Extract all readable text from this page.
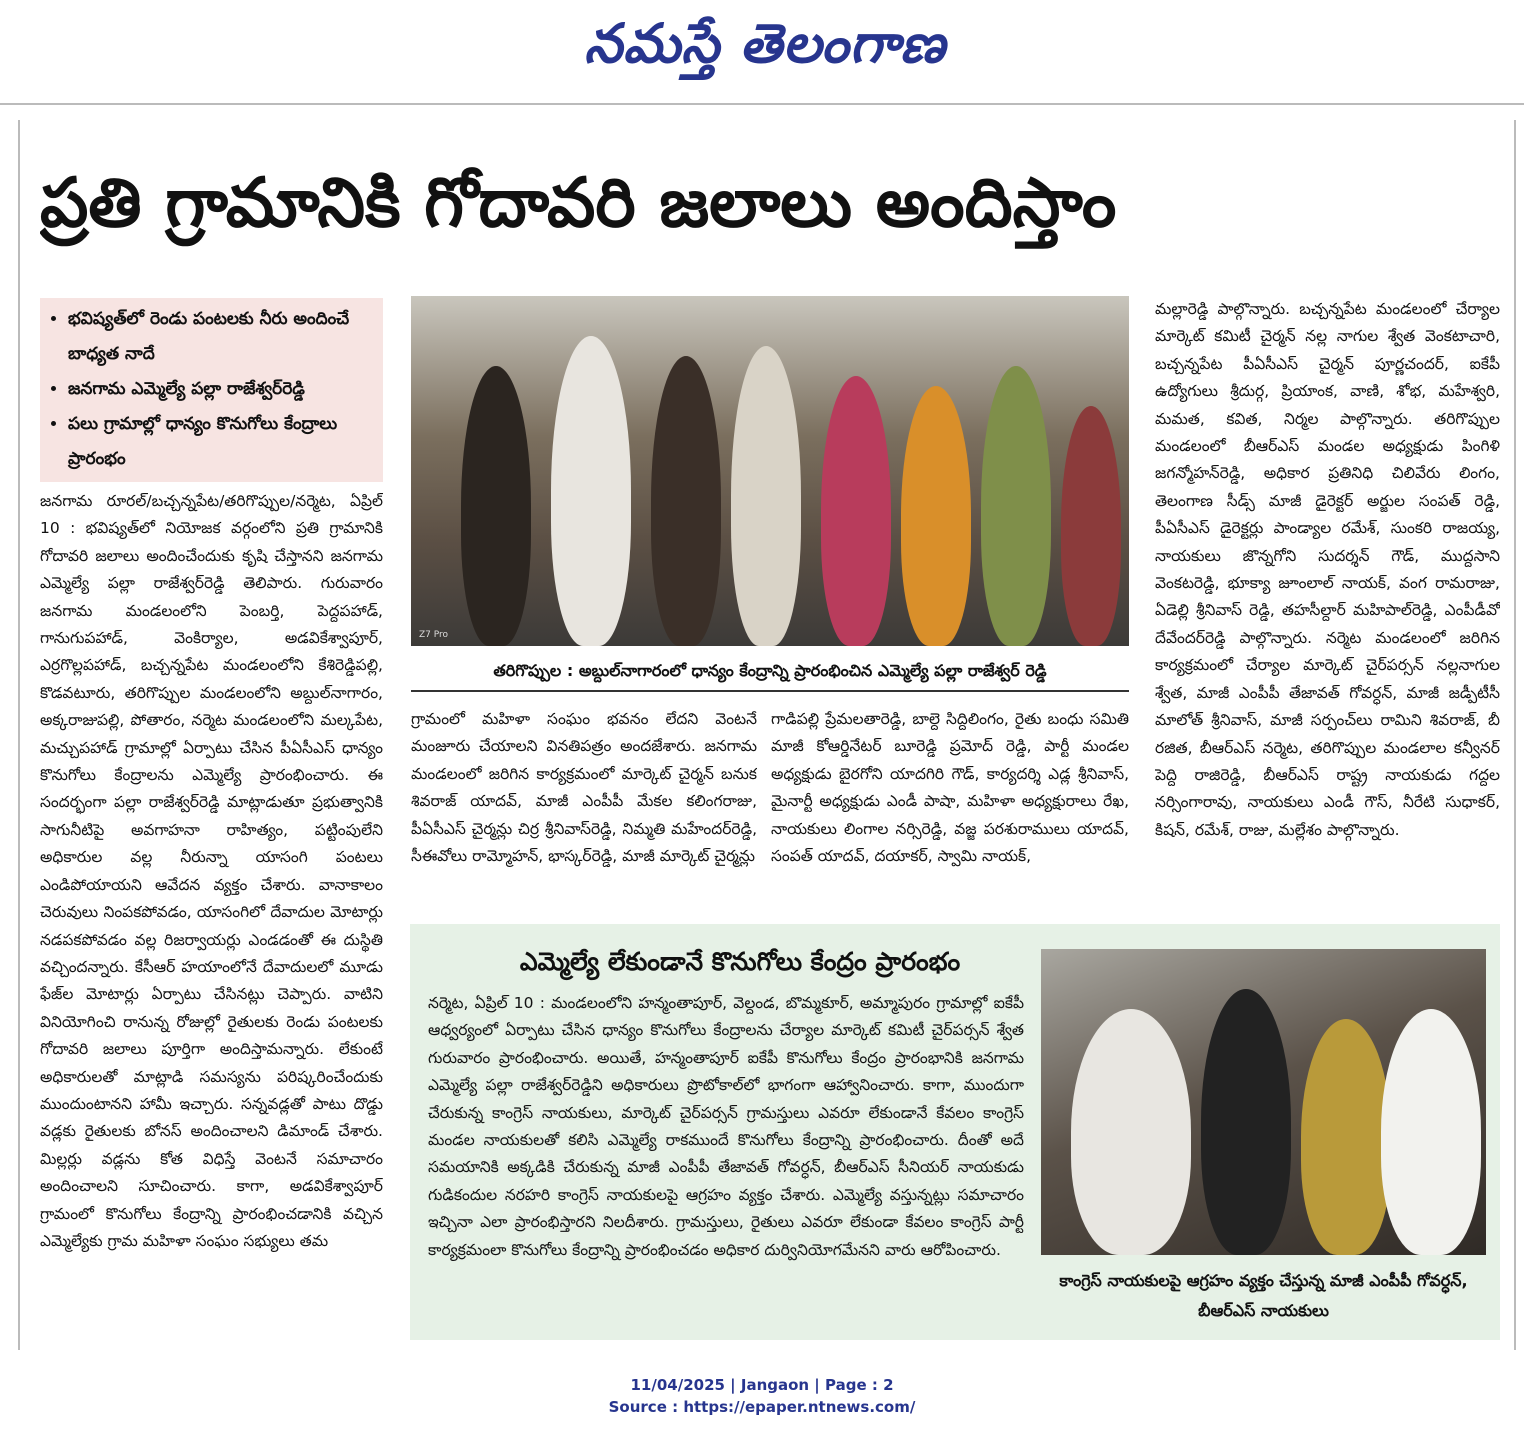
నమస్తే తెలంగాణ
ప్రతి గ్రామానికి గోదావరి జలాలు అందిస్తాం
• భవిష్యత్‌లో రెండు పంటలకు నీరు అందించే బాధ్యత నాదే
• జనగామ ఎమ్మెల్యే పల్లా రాజేశ్వర్‌రెడ్డి
• పలు గ్రామాల్లో ధాన్యం కొనుగోలు కేంద్రాలు ప్రారంభం

జనగామ రూరల్/బచ్చన్నపేట/తరిగొప్పుల/నర్మెట, ఏప్రిల్ 10 : భవిష్యత్‌లో నియోజక వర్గంలోని ప్రతి గ్రామానికి గోదావరి జలాలు అందించేందుకు కృషి చేస్తానని జనగామ ఎమ్మెల్యే పల్లా రాజేశ్వర్‌రెడ్డి తెలిపారు. గురువారం జనగామ మండలంలోని పెంబర్తి, పెద్దపహాడ్, గానుగుపహాడ్, వెంకిర్యాల, అడవికేశ్వాపూర్, ఎర్రగొల్లపహాడ్, బచ్చన్నపేట మండలంలోని కేశిరెడ్డిపల్లి, కొడవటూరు, తరిగొప్పుల మండలంలోని అబ్దుల్‌నాగారం, అక్కరాజుపల్లి, పోతారం, నర్మెట మండలంలోని మల్కపేట, మచ్చుపహాడ్ గ్రామాల్లో ఏర్పాటు చేసిన పీఏసీఎస్ ధాన్యం కొనుగోలు కేంద్రాలను ఎమ్మెల్యే ప్రారంభించారు. ఈ సందర్భంగా పల్లా రాజేశ్వర్‌రెడ్డి మాట్లాడుతూ ప్రభుత్వానికి సాగునీటిపై అవగాహనా రాహిత్యం, పట్టింపులేని అధికారుల వల్ల నీరున్నా యాసంగి పంటలు ఎండిపోయాయని ఆవేదన వ్యక్తం చేశారు. వానాకాలం చెరువులు నింపకపోవడం, యాసంగిలో దేవాదుల మోటార్లు నడపకపోవడం వల్ల రిజర్వాయర్లు ఎండడంతో ఈ దుస్థితి వచ్చిందన్నారు. కేసీఆర్ హయాంలోనే దేవాదులలో మూడు ఫేజ్‌ల మోటార్లు ఏర్పాటు చేసినట్లు చెప్పారు. వాటిని వినియోగించి రానున్న రోజుల్లో రైతులకు రెండు పంటలకు గోదావరి జలాలు పూర్తిగా అందిస్తామన్నారు. లేకుంటే అధికారులతో మాట్లాడి సమస్యను పరిష్కరించేందుకు ముందుంటానని హామీ ఇచ్చారు. సన్నవడ్లతో పాటు దొడ్డు వడ్లకు రైతులకు బోనస్ అందించాలని డిమాండ్ చేశారు. మిల్లర్లు వడ్లను కోత విధిస్తే వెంటనే సమాచారం అందించాలని సూచించారు. కాగా, అడవికేశ్వాపూర్ గ్రామంలో కొనుగోలు కేంద్రాన్ని ప్రారంభించడానికి వచ్చిన ఎమ్మెల్యేకు గ్రామ మహిళా సంఘం సభ్యులు తమ

Z7 Pro
తరిగొప్పుల : అబ్దుల్‌నాగారంలో ధాన్యం కేంద్రాన్ని ప్రారంభించిన ఎమ్మెల్యే పల్లా రాజేశ్వర్ రెడ్డి

గ్రామంలో మహిళా సంఘం భవనం లేదని వెంటనే మంజూరు చేయాలని వినతిపత్రం అందజేశారు. జనగామ మండలంలో జరిగిన కార్యక్రమంలో మార్కెట్ చైర్మన్ బనుక శివరాజ్ యాదవ్, మాజీ ఎంపీపీ మేకల కలింగరాజు, పీఏసీఎస్ చైర్మన్లు చిర్ర శ్రీనివాస్‌రెడ్డి, నిమ్మతి మహేందర్‌రెడ్డి, సీఈవోలు రామ్మోహన్, భాస్కర్‌రెడ్డి, మాజీ మార్కెట్ చైర్మన్లు

గాడిపల్లి ప్రేమలతారెడ్డి, బాల్దె సిద్దిలింగం, రైతు బంధు సమితి మాజీ కోఆర్డినేటర్ బూరెడ్డి ప్రమోద్ రెడ్డి, పార్టీ మండల అధ్యక్షుడు బైరగోని యాదగిరి గౌడ్, కార్యదర్శి ఎడ్ల శ్రీనివాస్, మైనార్టీ అధ్యక్షుడు ఎండీ పాషా, మహిళా అధ్యక్షురాలు రేఖ, నాయకులు లింగాల నర్సిరెడ్డి, వజ్జ పరశురాములు యాదవ్, సంపత్ యాదవ్, దయాకర్, స్వామి నాయక్,

మల్లారెడ్డి పాల్గొన్నారు. బచ్చన్నపేట మండలంలో చేర్యాల మార్కెట్ కమిటీ చైర్మన్ నల్ల నాగుల శ్వేత వెంకటాచారి, బచ్చన్నపేట పీఏసీఎస్ చైర్మన్ పూర్ణచందర్, ఐకేపీ ఉద్యోగులు శ్రీదుర్గ, ప్రియాంక, వాణి, శోభ, మహేశ్వరి, మమత, కవిత, నిర్మల పాల్గొన్నారు. తరిగొప్పుల మండలంలో బీఆర్ఎస్ మండల అధ్యక్షుడు పింగిళి జగన్మోహన్‌రెడ్డి, అధికార ప్రతినిధి చిలివేరు లింగం, తెలంగాణ సీడ్స్ మాజీ డైరెక్టర్ అర్జుల సంపత్ రెడ్డి, పీఏసీఎస్ డైరెక్టర్లు పాండ్యాల రమేశ్, సుంకరి రాజయ్య, నాయకులు జొన్నగోని సుదర్శన్ గౌడ్, ముద్దసాని వెంకటరెడ్డి, భూక్యా జూంలాల్ నాయక్, వంగ రామరాజు, ఏడెల్లి శ్రీనివాస్ రెడ్డి, తహసీల్దార్ మహిపాల్‌రెడ్డి, ఎంపీడీవో దేవేందర్‌రెడ్డి పాల్గొన్నారు. నర్మెట మండలంలో జరిగిన కార్యక్రమంలో చేర్యాల మార్కెట్ చైర్‌పర్సన్ నల్లనాగుల శ్వేత, మాజీ ఎంపీపీ తేజావత్ గోవర్ధన్, మాజీ జడ్పీటీసీ మాలోత్ శ్రీనివాస్, మాజీ సర్పంచ్‌లు రామిని శివరాజ్, బీ రజిత, బీఆర్ఎస్ నర్మెట, తరిగొప్పుల మండలాల కన్వీనర్ పెద్ది రాజిరెడ్డి, బీఆర్ఎస్ రాష్ట్ర నాయకుడు గద్దల నర్సింగారావు, నాయకులు ఎండీ గౌస్, నీరేటి సుధాకర్, కిషన్, రమేశ్, రాజు, మల్లేశం పాల్గొన్నారు.

ఎమ్మెల్యే లేకుండానే కొనుగోలు కేంద్రం ప్రారంభం

నర్మెట, ఏప్రిల్ 10 : మండలంలోని హన్మంతాపూర్, వెల్దండ, బొమ్మకూర్, అమ్మాపురం గ్రామాల్లో ఐకేపీ ఆధ్వర్యంలో ఏర్పాటు చేసిన ధాన్యం కొనుగోలు కేంద్రాలను చేర్యాల మార్కెట్ కమిటీ చైర్‌పర్సన్ శ్వేత గురువారం ప్రారంభించారు. అయితే, హన్మంతాపూర్ ఐకేపీ కొనుగోలు కేంద్రం ప్రారంభానికి జనగామ ఎమ్మెల్యే పల్లా రాజేశ్వర్‌రెడ్డిని అధికారులు ప్రొటోకాల్‌లో భాగంగా ఆహ్వానించారు. కాగా, ముందుగా చేరుకున్న కాంగ్రెస్ నాయకులు, మార్కెట్ చైర్‌పర్సన్ గ్రామస్తులు ఎవరూ లేకుండానే కేవలం కాంగ్రెస్ మండల నాయకులతో కలిసి ఎమ్మెల్యే రాకముందే కొనుగోలు కేంద్రాన్ని ప్రారంభించారు. దీంతో అదే సమయానికి అక్కడికి చేరుకున్న మాజీ ఎంపీపీ తేజావత్ గోవర్ధన్, బీఆర్ఎస్ సీనియర్ నాయకుడు గుడికందుల నరహరి కాంగ్రెస్ నాయకులపై ఆగ్రహం వ్యక్తం చేశారు. ఎమ్మెల్యే వస్తున్నట్లు సమాచారం ఇచ్చినా ఎలా ప్రారంభిస్తారని నిలదీశారు. గ్రామస్తులు, రైతులు ఎవరూ లేకుండా కేవలం కాంగ్రెస్ పార్టీ కార్యక్రమంలా కొనుగోలు కేంద్రాన్ని ప్రారంభించడం అధికార దుర్వినియోగమేనని వారు ఆరోపించారు.

కాంగ్రెస్ నాయకులపై ఆగ్రహం వ్యక్తం చేస్తున్న మాజీ ఎంపీపీ గోవర్ధన్, బీఆర్ఎస్ నాయకులు
11/04/2025 | Jangaon | Page : 2
Source : https://epaper.ntnews.com/
